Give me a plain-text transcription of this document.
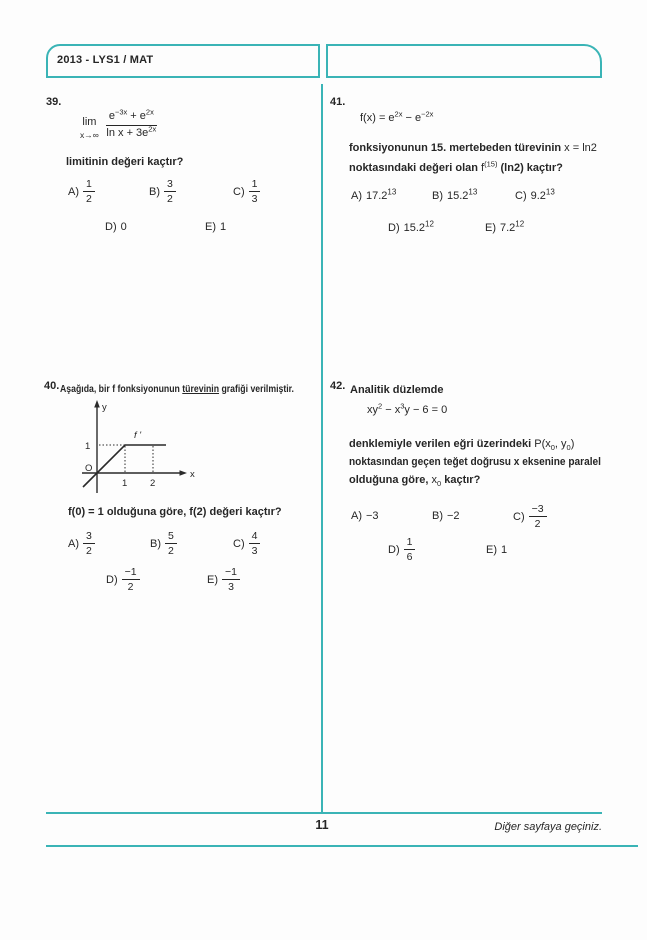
2013 - LYS1 / MAT
39.
lim
$x\to\infty \frac{e^{-3x} + e^{2x}}{\ln x + 3e^{2x}}$
limitinin değeri kaçtır?
$A) \frac{1}{2}$	$B) \frac{3}{2}$	$C) \frac{1}{3}$
D) 0	E) 1
41.
$f(x) = e^{2x} - e^{-2x}$
fonksiyonunun 15. mertebeden türevinin x = ln2
noktasındaki değeri olan $f^{(15)}$ (ln2) kaçtır?
A) 17.2$^{13}$	B) 15.2$^{13}$	C) $9.2^{13}$
D) 15.2$^{12}$	E) $7.2^{12}$
40. Aşağıda, bir f fonksiyonunun türevinin grafiği verilmiştir.
y
x
O
1
1 2
f '
f(0) = 1 olduğuna göre, f(2) değeri kaçtır?
$A) \frac{3}{2}$	$B) \frac{5}{2}$	$C) \frac{4}{3}$
$D) \frac{-1}{2}$	$E) \frac{-1}{3}$
42. Analitik düzlemde
$xy^2 - x^3y - 6 = 0$
denklemiyle verilen eğri üzerindeki $P(x_0$, $y_0$)
noktasından geçen teğet doğrusu x eksenine paralel
olduğuna göre, $x_0$ kaçtır?
A) −3	B) −2	$C) \frac{-3}{2}$
$D) \frac{1}{6}$	E) 1
11	Diğer sayfaya geçiniz.
